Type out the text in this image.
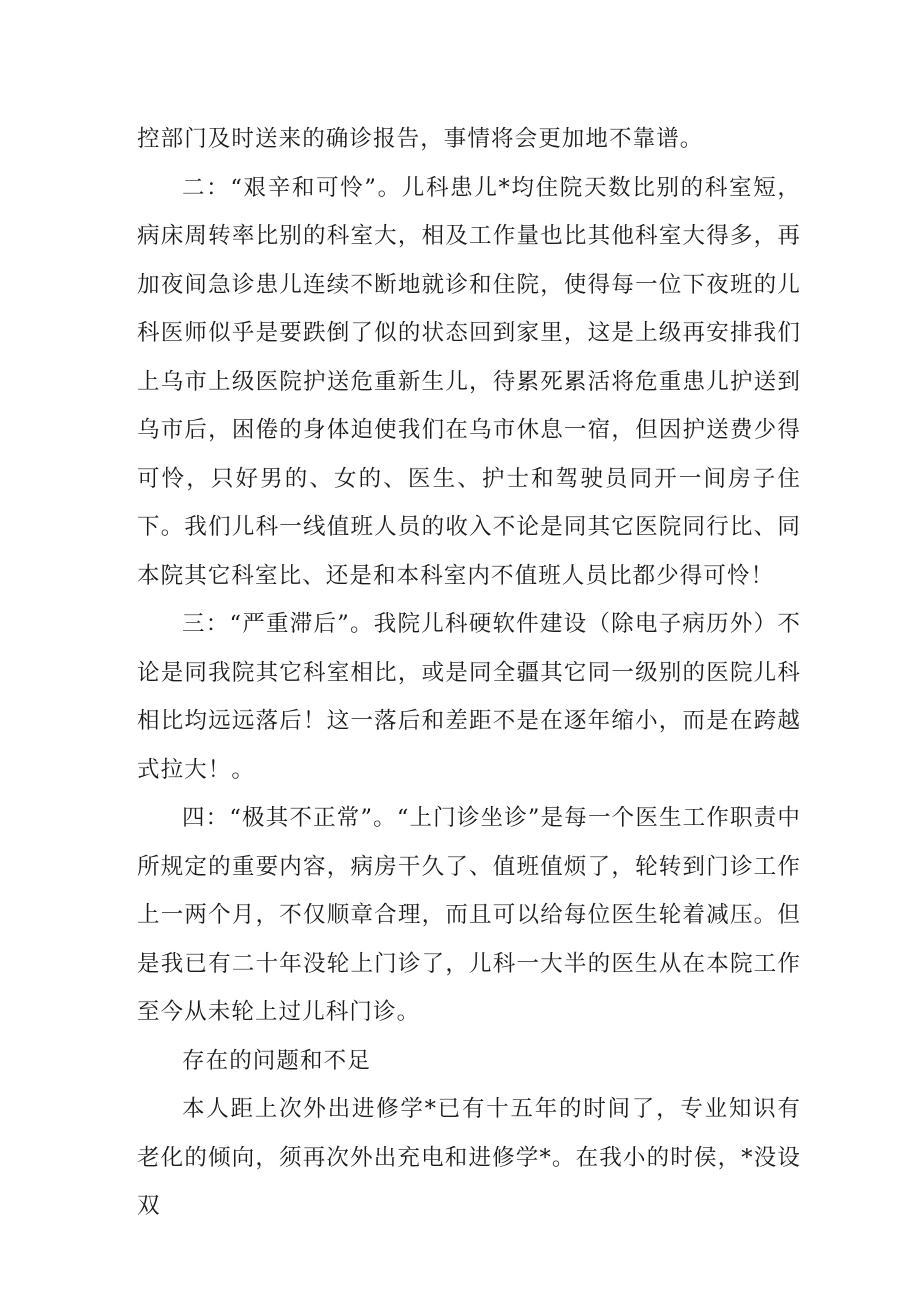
控部门及时送来的确诊报告，事情将会更加地不靠谱。

二：“艰辛和可怜”。儿科患儿*均住院天数比别的科室短，病床周转率比别的科室大，相及工作量也比其他科室大得多，再加夜间急诊患儿连续不断地就诊和住院，使得每一位下夜班的儿科医师似乎是要跌倒了似的状态回到家里，这是上级再安排我们上乌市上级医院护送危重新生儿，待累死累活将危重患儿护送到乌市后，困倦的身体迫使我们在乌市休息一宿，但因护送费少得可怜，只好男的、女的、医生、护士和驾驶员同开一间房子住下。我们儿科一线值班人员的收入不论是同其它医院同行比、同本院其它科室比、还是和本科室内不值班人员比都少得可怜！

三：“严重滞后”。我院儿科硬软件建设（除电子病历外）不论是同我院其它科室相比，或是同全疆其它同一级别的医院儿科相比均远远落后！这一落后和差距不是在逐年缩小，而是在跨越式拉大！。

四：“极其不正常”。“上门诊坐诊”是每一个医生工作职责中所规定的重要内容，病房干久了、值班值烦了，轮转到门诊工作上一两个月，不仅顺章合理，而且可以给每位医生轮着减压。但是我已有二十年没轮上门诊了，儿科一大半的医生从在本院工作至今从未轮上过儿科门诊。

存在的问题和不足

本人距上次外出进修学*已有十五年的时间了，专业知识有老化的倾向，须再次外出充电和进修学*。在我小的时侯，*没设双
